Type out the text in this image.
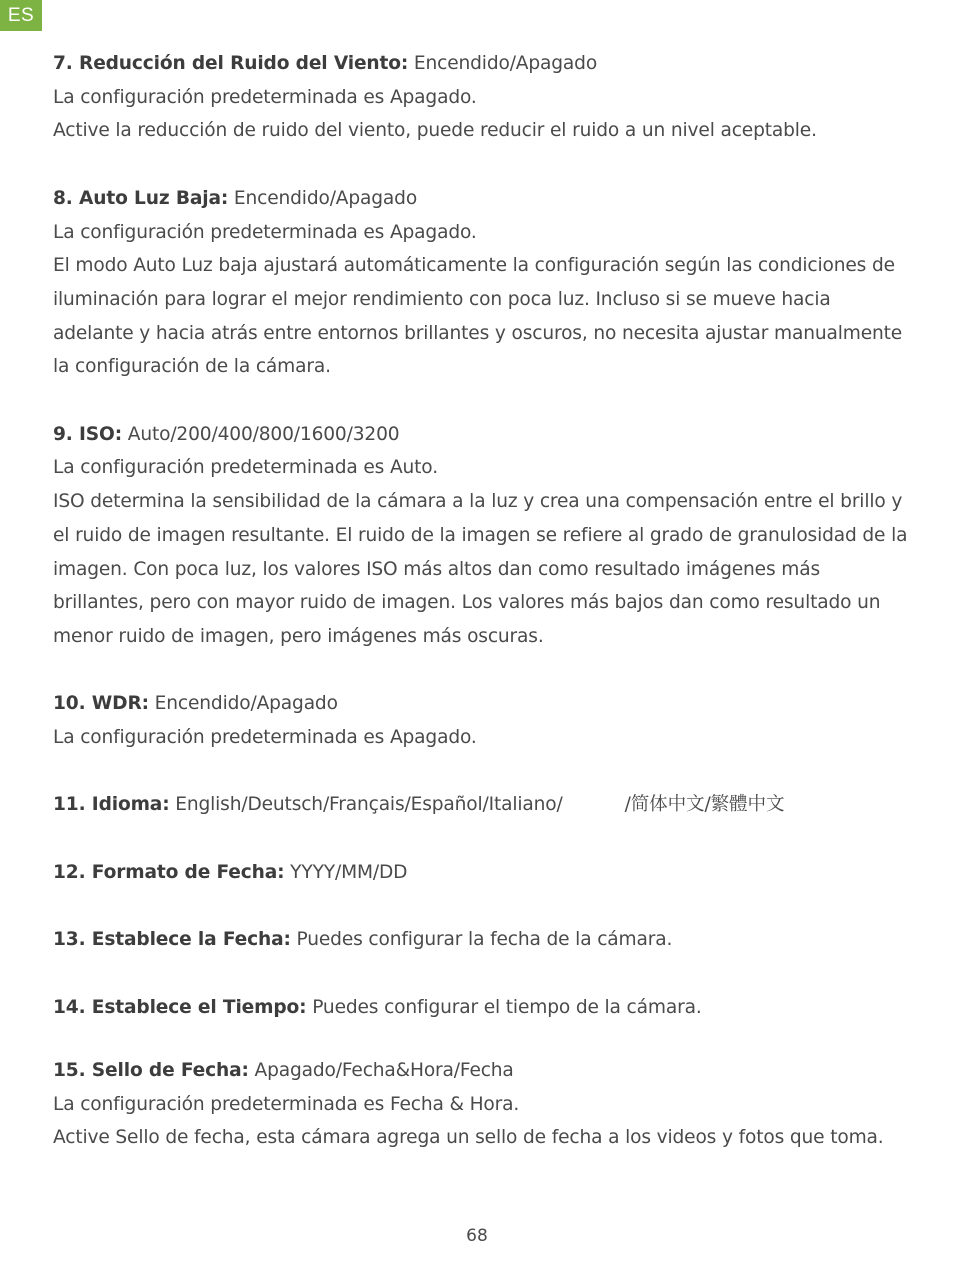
ES

7. Reducción del Ruido del Viento: Encendido/Apagado

La configuración predeterminada es Apagado.

Active la reducción de ruido del viento, puede reducir el ruido a un nivel aceptable.

8. Auto Luz Baja: Encendido/Apagado

La configuración predeterminada es Apagado.

El modo Auto Luz baja ajustará automáticamente la configuración según las condiciones de iluminación para lograr el mejor rendimiento con poca luz. Incluso si se mueve hacia adelante y hacia atrás entre entornos brillantes y oscuros, no necesita ajustar manualmente la configuración de la cámara.

9. ISO: Auto/200/400/800/1600/3200

La configuración predeterminada es Auto.

ISO determina la sensibilidad de la cámara a la luz y crea una compensación entre el brillo y el ruido de imagen resultante. El ruido de la imagen se refiere al grado de granulosidad de la imagen. Con poca luz, los valores ISO más altos dan como resultado imágenes más brillantes, pero con mayor ruido de imagen. Los valores más bajos dan como resultado un menor ruido de imagen, pero imágenes más oscuras.

10. WDR: Encendido/Apagado

La configuración predeterminada es Apagado.

11. Idioma: English/Deutsch/Français/Español/Italiano/	/简体中文/繁體中文

12. Formato de Fecha: YYYY/MM/DD

13. Establece la Fecha: Puedes configurar la fecha de la cámara.

14. Establece el Tiempo: Puedes configurar el tiempo de la cámara.

15. Sello de Fecha: Apagado/Fecha&Hora/Fecha

La configuración predeterminada es Fecha & Hora.

Active Sello de fecha, esta cámara agrega un sello de fecha a los videos y fotos que toma.

68
